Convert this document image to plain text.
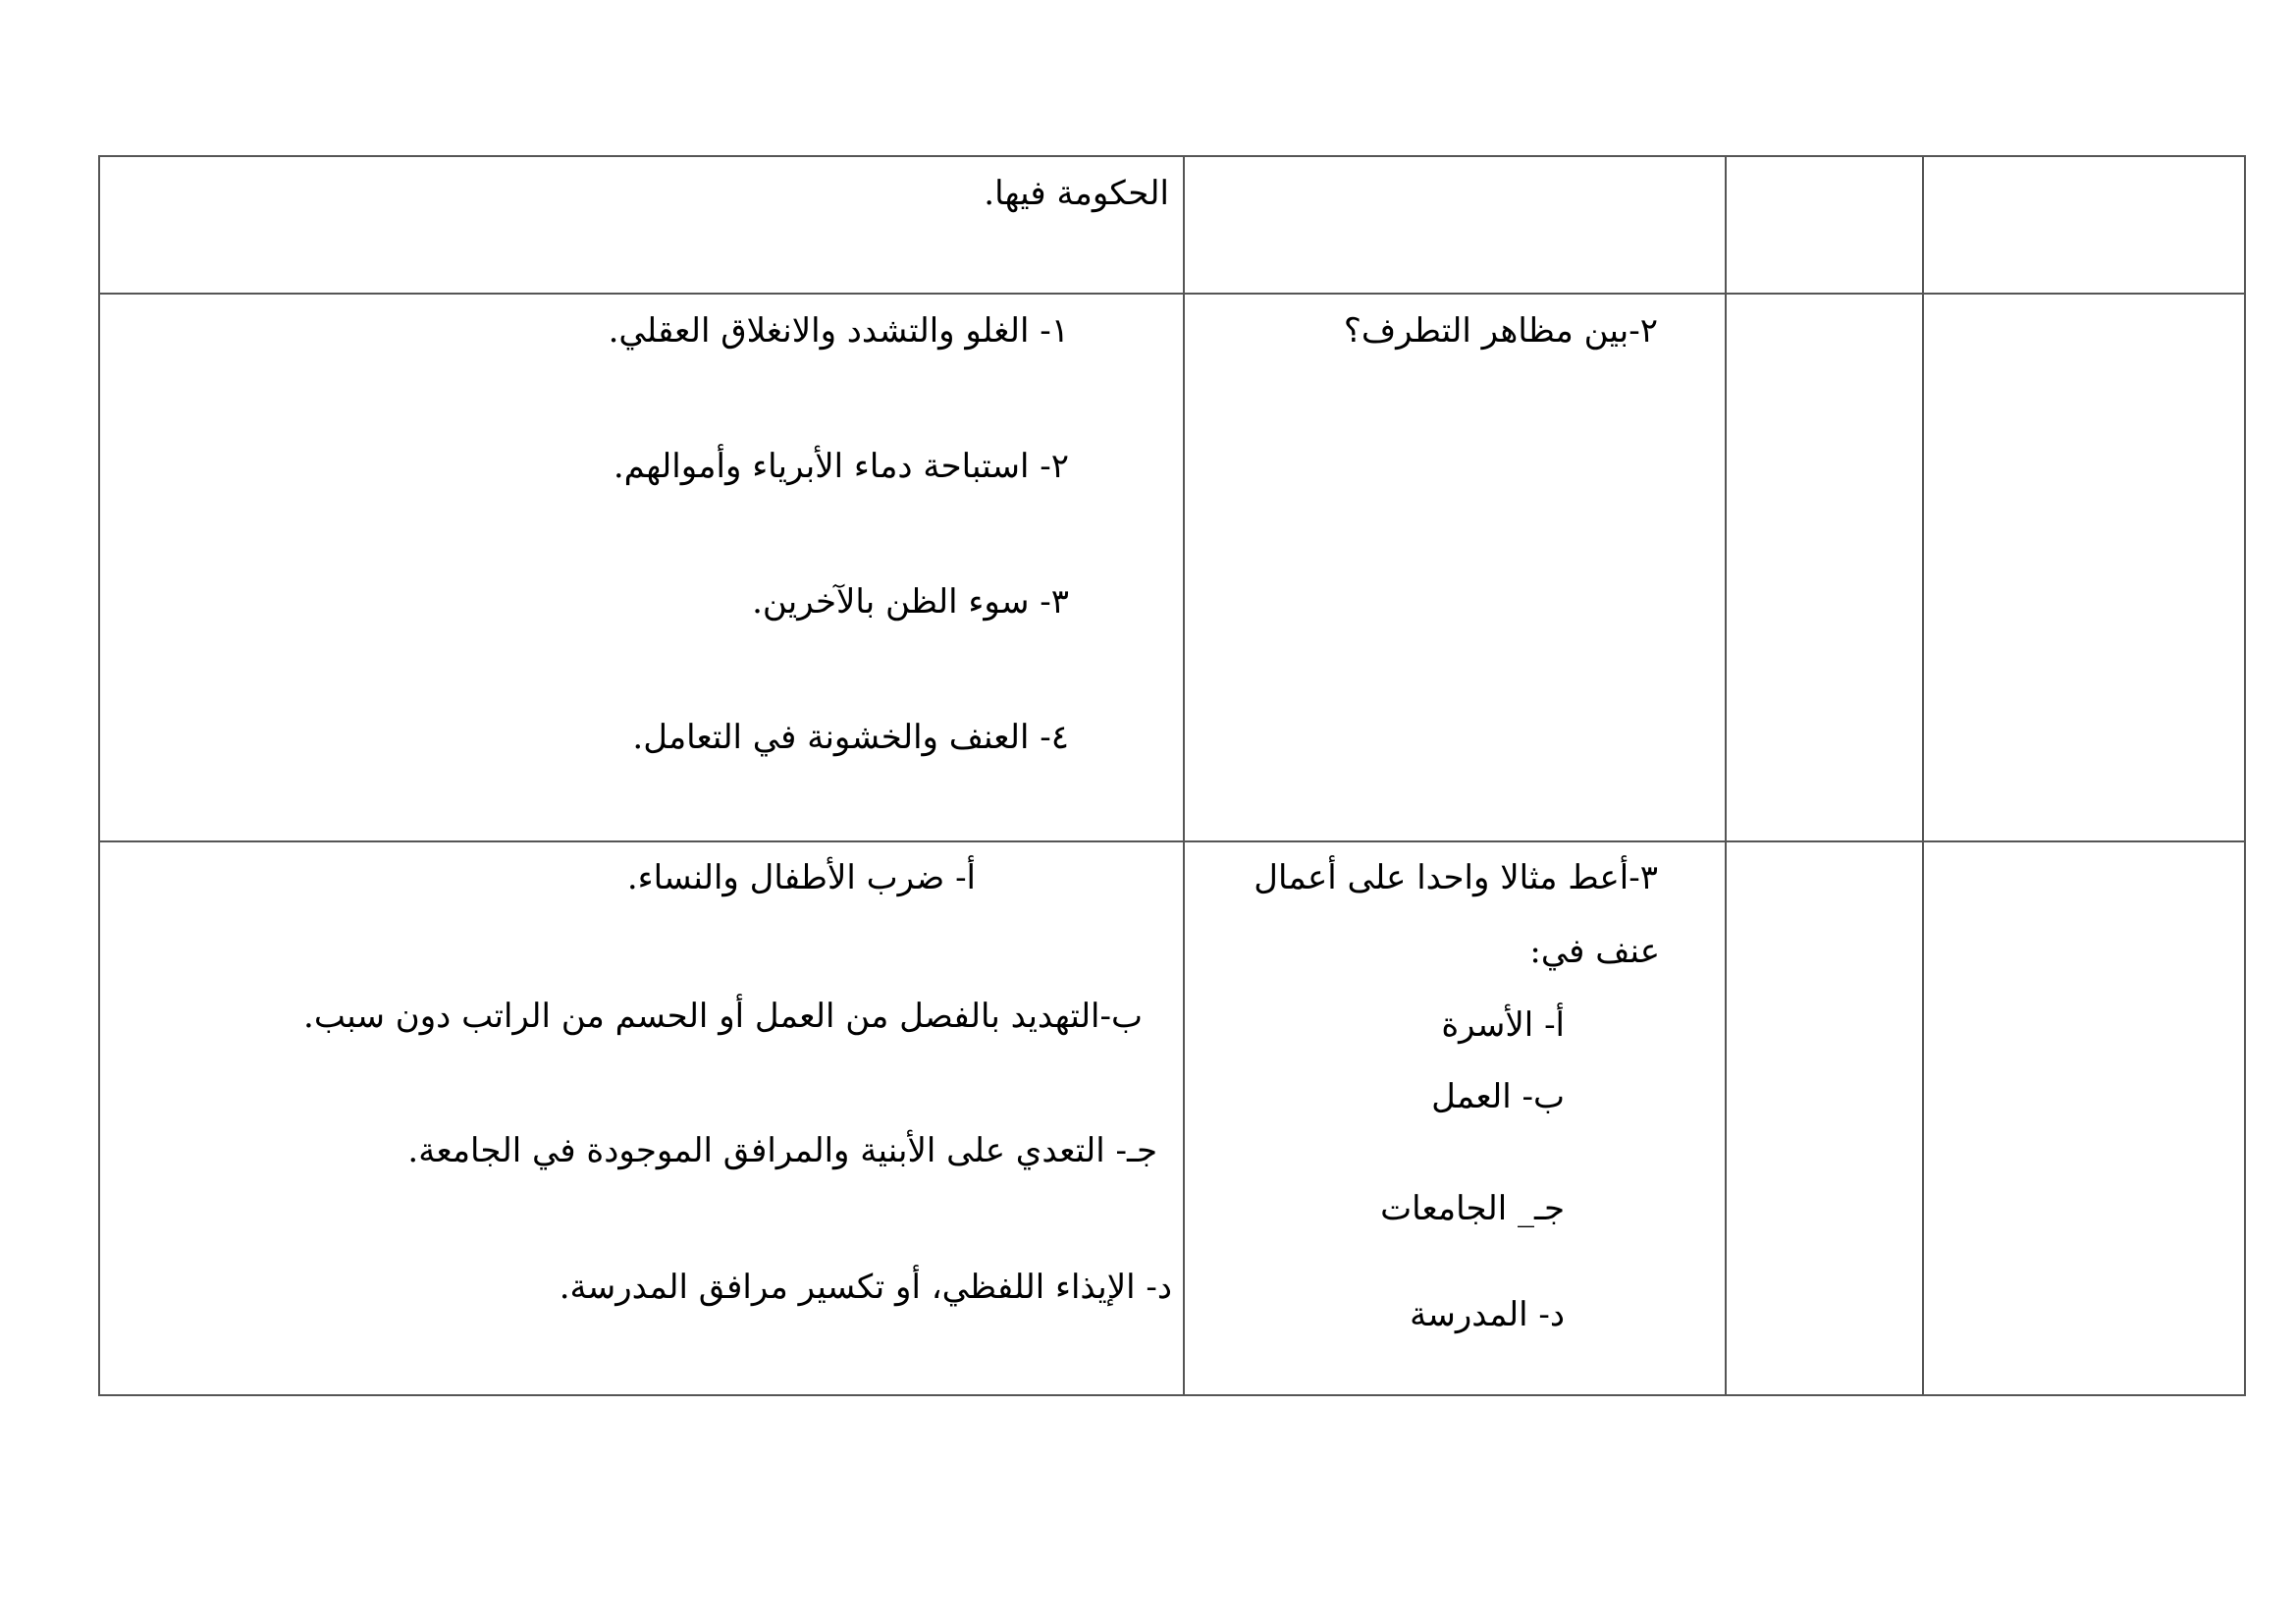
الحكومة فيها.
٢-بين مظاهر التطرف؟
١- الغلو والتشدد والانغلاق العقلي.
٢- استباحة دماء الأبرياء وأموالهم.
٣- سوء الظن بالآخرين.
٤- العنف والخشونة في التعامل.
٣-أعط مثالا واحدا على أعمال
عنف في:
أ- الأسرة
ب- العمل
جـ_ الجامعات
د- المدرسة
أ- ضرب الأطفال والنساء.
ب-التهديد بالفصل من العمل أو الحسم من الراتب دون سبب.
جـ- التعدي على الأبنية والمرافق الموجودة في الجامعة.
د- الإيذاء اللفظي، أو تكسير مرافق المدرسة.
